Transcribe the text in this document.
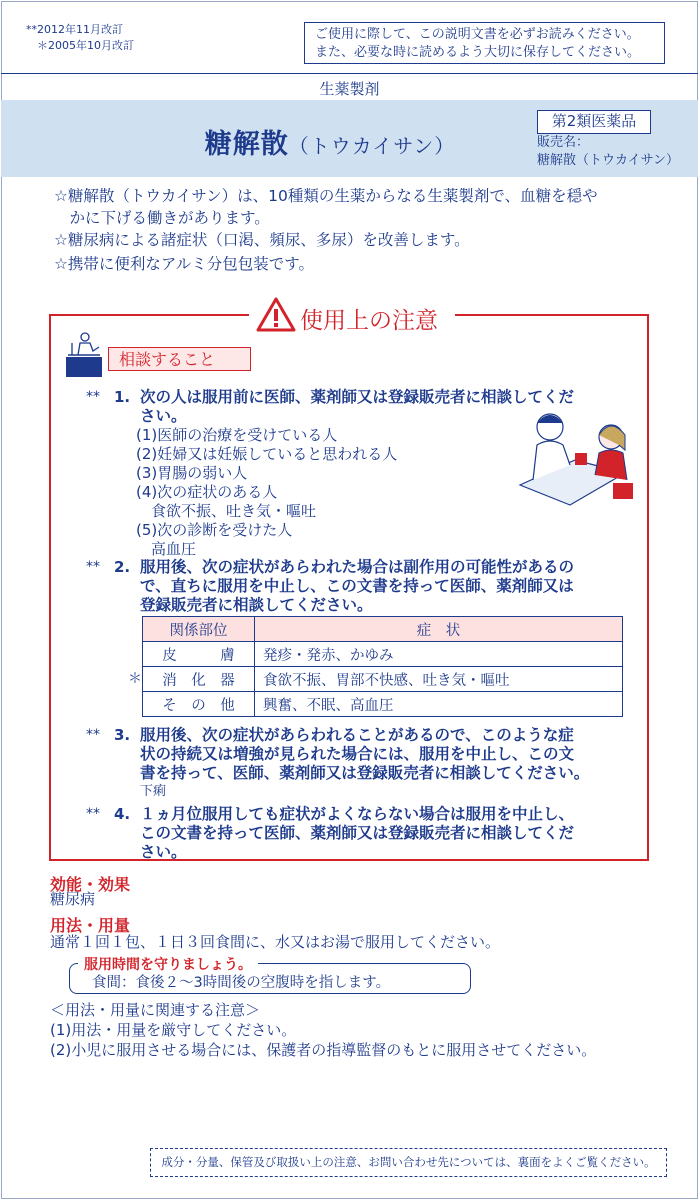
**2012年11月改訂
＊2005年10月改訂
ご使用に際して、この説明文書を必ずお読みください。
また、必要な時に読めるよう大切に保存してください。
生薬製剤
糖解散（トウカイサン）
第2類医薬品
販売名：
糖解散（トウカイサン）
☆糖解散（トウカイサン）は、10種類の生薬からなる生薬製剤で、血糖を穏や
　かに下げる働きがあります。
☆糖尿病による諸症状（口渇、頻尿、多尿）を改善します。
☆携帯に便利なアルミ分包包装です。
使用上の注意
相談すること
** 1. 次の人は服用前に医師、薬剤師又は登録販売者に相談してくだ
さい。
(1)医師の治療を受けている人
(2)妊婦又は妊娠していると思われる人
(3)胃腸の弱い人
(4)次の症状のある人
　食欲不振、吐き気・嘔吐
(5)次の診断を受けた人
　高血圧
** 2. 服用後、次の症状があらわれた場合は副作用の可能性があるの
で、直ちに服用を中止し、この文書を持って医師、薬剤師又は
登録販売者に相談してください。
関係部位	症　状
皮　　　膚	発疹・発赤、かゆみ
消　化　器	食欲不振、胃部不快感、吐き気・嘔吐
そ　の　他	興奮、不眠、高血圧
＊
** 3. 服用後、次の症状があらわれることがあるので、このような症
状の持続又は増強が見られた場合には、服用を中止し、この文
書を持って、医師、薬剤師又は登録販売者に相談してください。
下痢
** 4. １ヵ月位服用しても症状がよくならない場合は服用を中止し、
この文書を持って医師、薬剤師又は登録販売者に相談してくだ
さい。
効能・効果
糖尿病
用法・用量
通常１回１包、１日３回食間に、水又はお湯で服用してください。
服用時間を守りましょう。
食間：食後２～3時間後の空腹時を指します。
＜用法・用量に関連する注意＞
(1)用法・用量を厳守してください。
(2)小児に服用させる場合には、保護者の指導監督のもとに服用させてください。
成分・分量、保管及び取扱い上の注意、お問い合わせ先については、裏面をよくご覧ください。
